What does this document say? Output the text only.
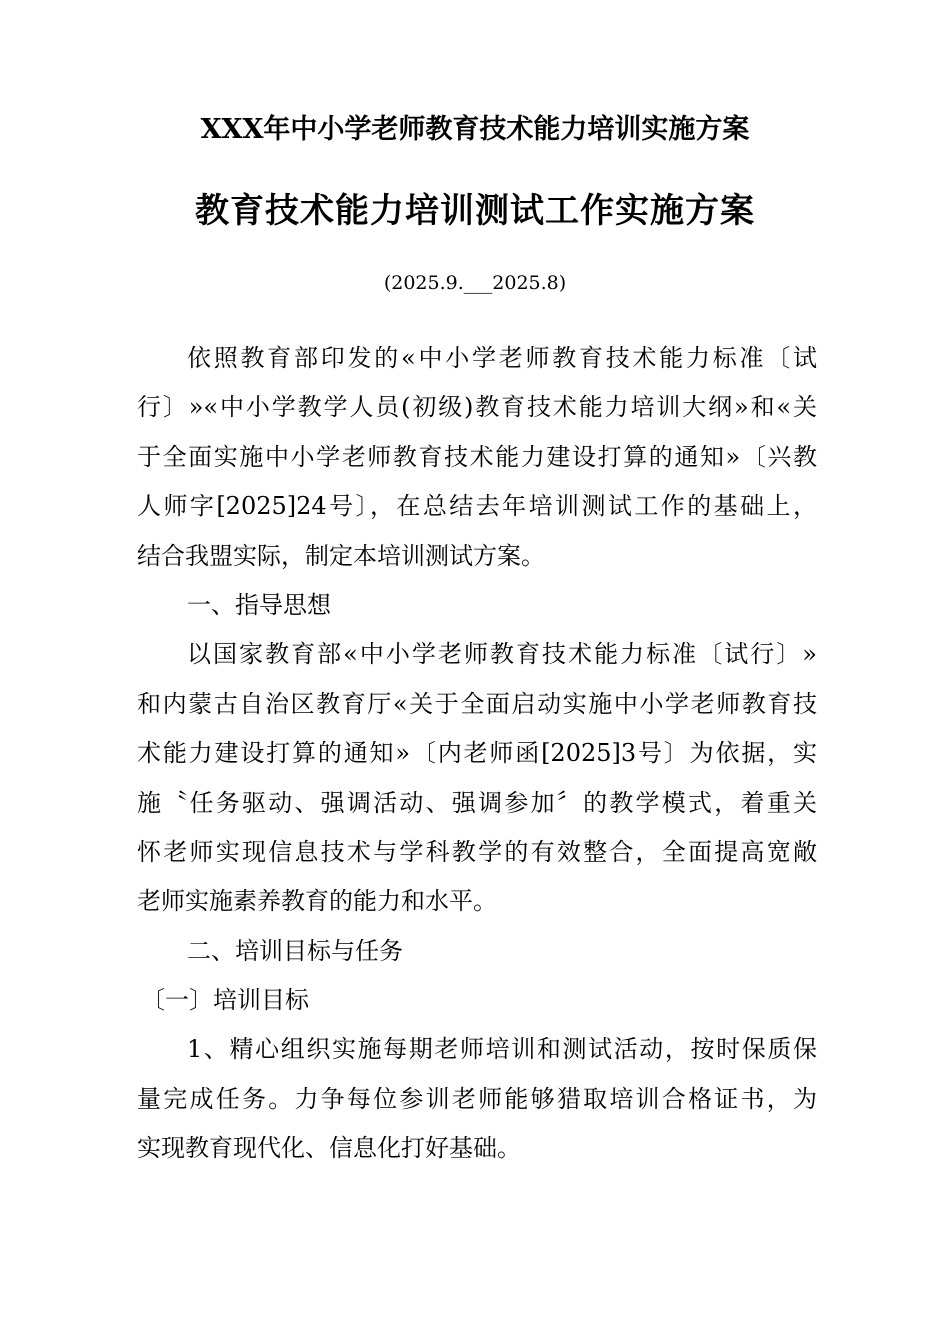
XXX年中小学老师教育技术能力培训实施方案
教育技术能力培训测试工作实施方案
(2025.9.___2025.8)
依照教育部印发的«中小学老师教育技术能力标准〔试
行〕»«中小学教学人员(初级)教育技术能力培训大纲»和«关
于全面实施中小学老师教育技术能力建设打算的通知»〔兴教
人师字[2025]24号〕，在总结去年培训测试工作的基础上，
结合我盟实际，制定本培训测试方案。
一、指导思想
以国家教育部«中小学老师教育技术能力标准〔试行〕»
和内蒙古自治区教育厅«关于全面启动实施中小学老师教育技
术能力建设打算的通知»〔内老师函[2025]3号〕为依据，实
施〝任务驱动、强调活动、强调参加〞的教学模式，着重关
怀老师实现信息技术与学科教学的有效整合，全面提高宽敞
老师实施素养教育的能力和水平。
二、培训目标与任务
〔一〕培训目标
1、精心组织实施每期老师培训和测试活动，按时保质保
量完成任务。力争每位参训老师能够猎取培训合格证书，为
实现教育现代化、信息化打好基础。
